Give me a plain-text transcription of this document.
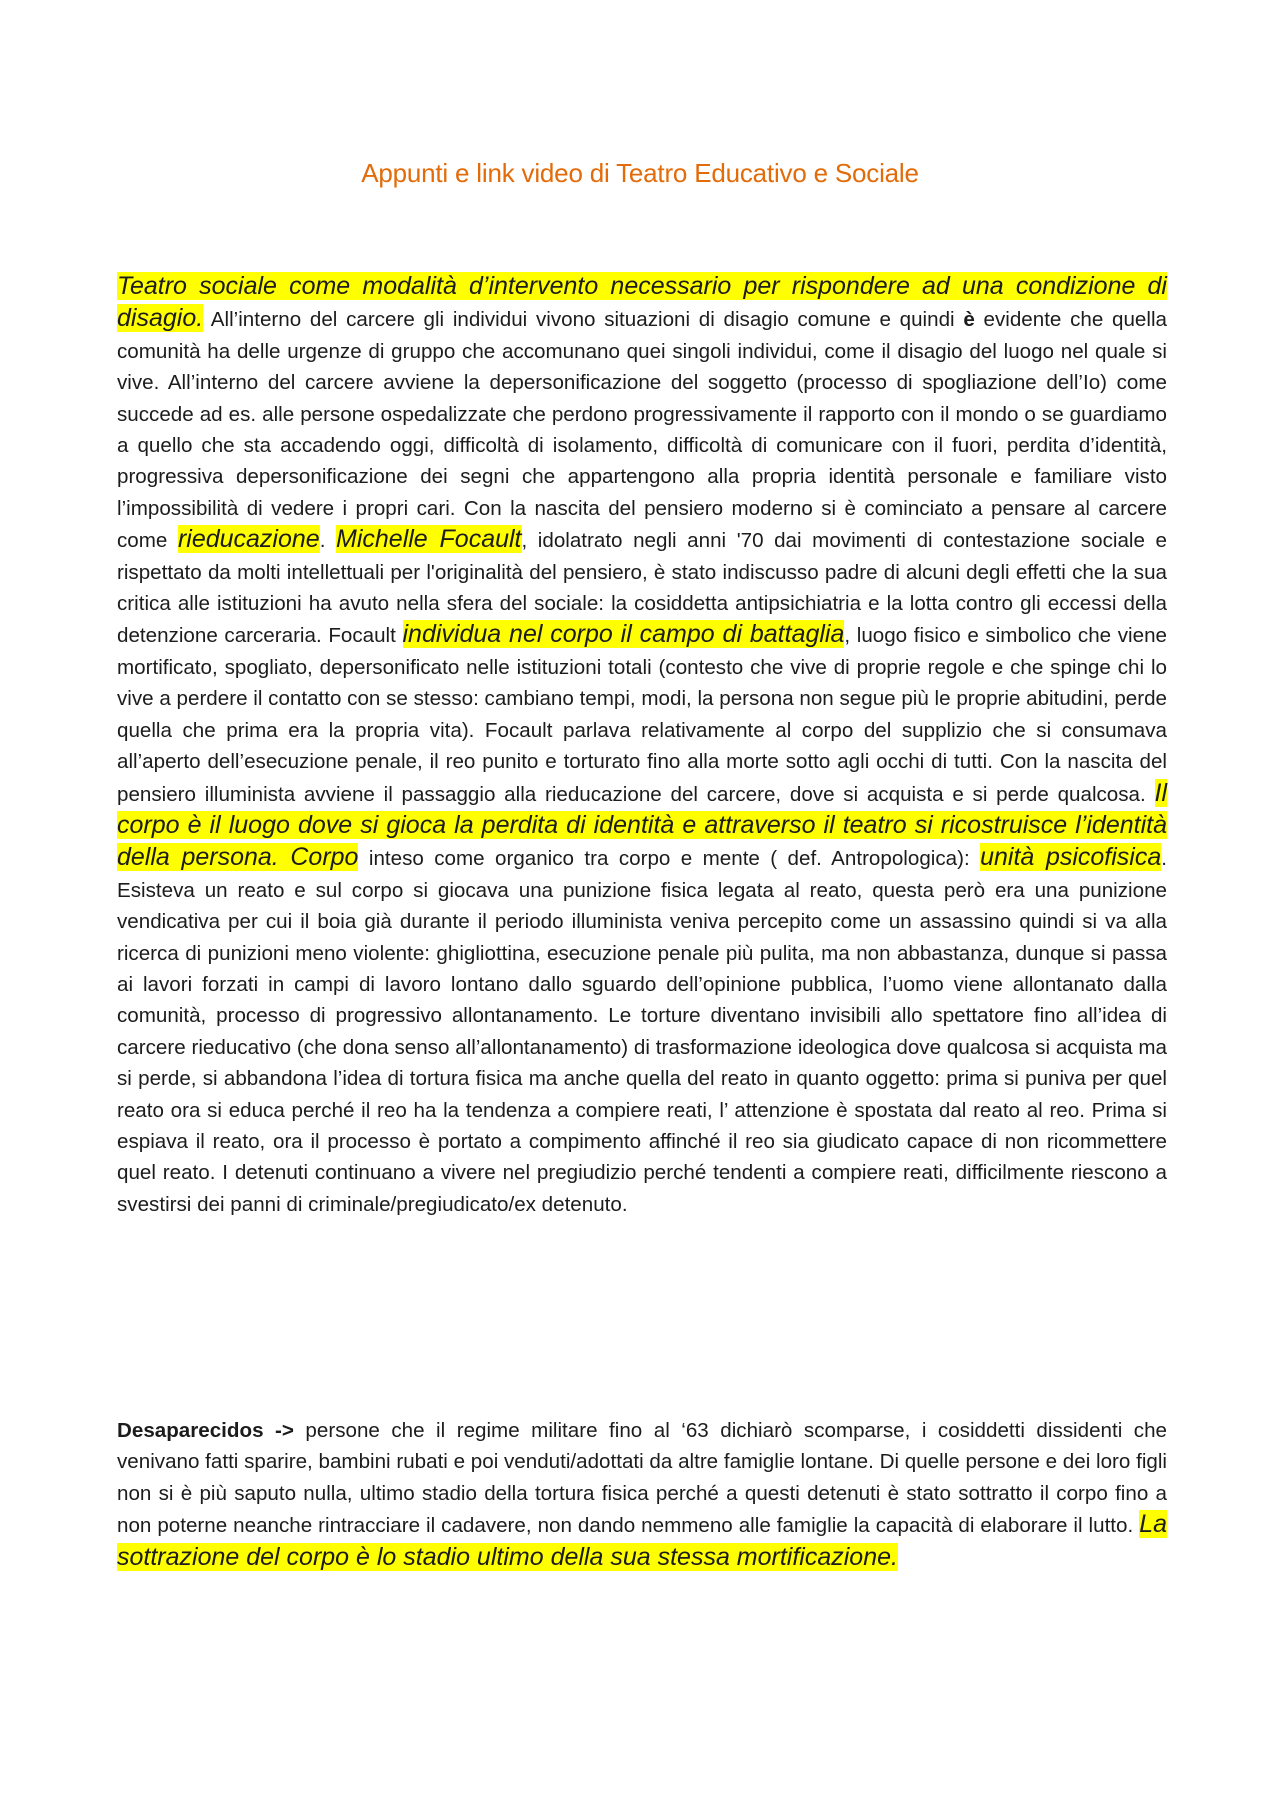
Appunti e link video di Teatro Educativo e Sociale
Teatro sociale come modalità d’intervento necessario per rispondere ad una condizione di disagio. All’interno del carcere gli individui vivono situazioni di disagio comune e quindi è evidente che quella comunità ha delle urgenze di gruppo che accomunano quei singoli individui, come il disagio del luogo nel quale si vive. All’interno del carcere avviene la depersonificazione del soggetto (processo di spogliazione dell’Io) come succede ad es. alle persone ospedalizzate che perdono progressivamente il rapporto con il mondo o se guardiamo a quello che sta accadendo oggi, difficoltà di isolamento, difficoltà di comunicare con il fuori, perdita d’identità, progressiva depersonificazione dei segni che appartengono alla propria identità personale e familiare visto l’impossibilità di vedere i propri cari. Con la nascita del pensiero moderno si è cominciato a pensare al carcere come rieducazione. Michelle Focault, idolatrato negli anni '70 dai movimenti di contestazione sociale e rispettato da molti intellettuali per l'originalità del pensiero, è stato indiscusso padre di alcuni degli effetti che la sua critica alle istituzioni ha avuto nella sfera del sociale: la cosiddetta antipsichiatria e la lotta contro gli eccessi della detenzione carceraria. Focault individua nel corpo il campo di battaglia, luogo fisico e simbolico che viene mortificato, spogliato, depersonificato nelle istituzioni totali (contesto che vive di proprie regole e che spinge chi lo vive a perdere il contatto con se stesso: cambiano tempi, modi, la persona non segue più le proprie abitudini, perde quella che prima era la propria vita). Focault parlava relativamente al corpo del supplizio che si consumava all’aperto dell’esecuzione penale, il reo punito e torturato fino alla morte sotto agli occhi di tutti. Con la nascita del pensiero illuminista avviene il passaggio alla rieducazione del carcere, dove si acquista e si perde qualcosa. Il corpo è il luogo dove si gioca la perdita di identità e attraverso il teatro si ricostruisce l’identità della persona. Corpo inteso come organico tra corpo e mente ( def. Antropologica): unità psicofisica. Esisteva un reato e sul corpo si giocava una punizione fisica legata al reato, questa però era una punizione vendicativa per cui il boia già durante il periodo illuminista veniva percepito come un assassino quindi si va alla ricerca di punizioni meno violente: ghigliottina, esecuzione penale più pulita, ma non abbastanza, dunque si passa ai lavori forzati in campi di lavoro lontano dallo sguardo dell’opinione pubblica, l’uomo viene allontanato dalla comunità, processo di progressivo allontanamento. Le torture diventano invisibili allo spettatore fino all’idea di carcere rieducativo (che dona senso all’allontanamento) di trasformazione ideologica dove qualcosa si acquista ma si perde, si abbandona l’idea di tortura fisica ma anche quella del reato in quanto oggetto: prima si puniva per quel reato ora si educa perché il reo ha la tendenza a compiere reati, l’ attenzione è spostata dal reato al reo. Prima si espiava il reato, ora il processo è portato a compimento affinché il reo sia giudicato capace di non ricommettere quel reato. I detenuti continuano a vivere nel pregiudizio perché tendenti a compiere reati, difficilmente riescono a svestirsi dei panni di criminale/pregiudicato/ex detenuto.
Desaparecidos -> persone che il regime militare fino al ‘63 dichiarò scomparse, i cosiddetti dissidenti che venivano fatti sparire, bambini rubati e poi venduti/adottati da altre famiglie lontane. Di quelle persone e dei loro figli non si è più saputo nulla, ultimo stadio della tortura fisica perché a questi detenuti è stato sottratto il corpo fino a non poterne neanche rintracciare il cadavere, non dando nemmeno alle famiglie la capacità di elaborare il lutto. La sottrazione del corpo è lo stadio ultimo della sua stessa mortificazione.
